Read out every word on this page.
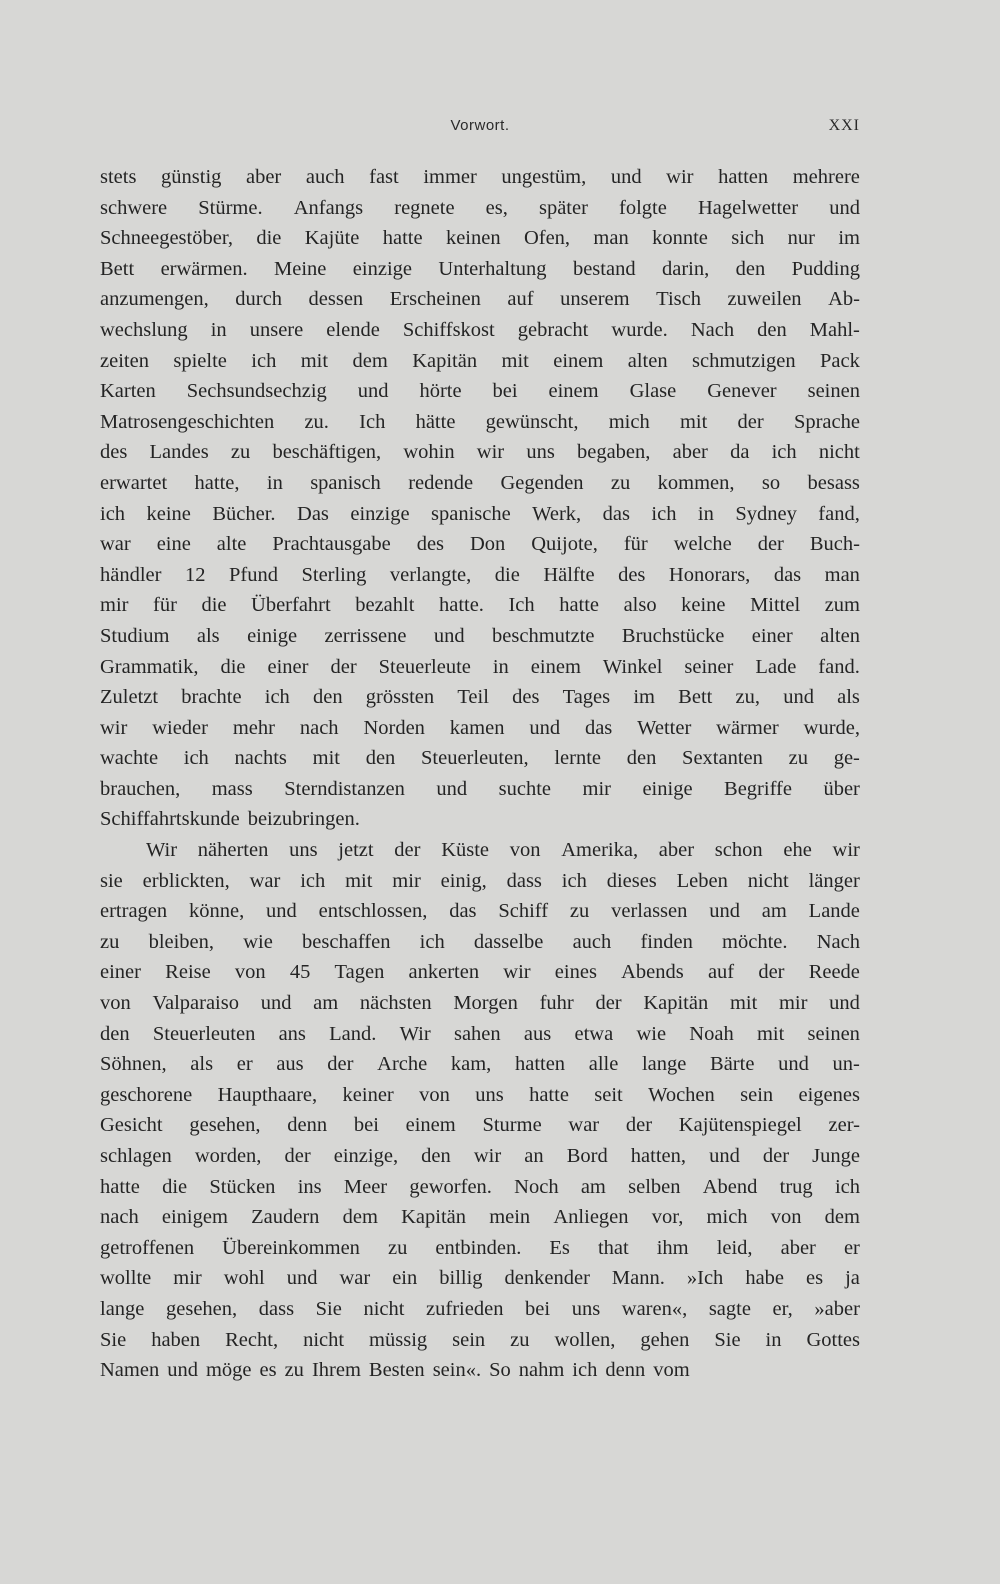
Vorwort.	XXI
stets günstig aber auch fast immer ungestüm, und wir hatten mehrere
schwere Stürme. Anfangs regnete es, später folgte Hagelwetter und
Schneegestöber, die Kajüte hatte keinen Ofen, man konnte sich nur im
Bett erwärmen. Meine einzige Unterhaltung bestand darin, den Pudding
anzumengen, durch dessen Erscheinen auf unserem Tisch zuweilen Ab-
wechslung in unsere elende Schiffskost gebracht wurde. Nach den Mahl-
zeiten spielte ich mit dem Kapitän mit einem alten schmutzigen Pack
Karten Sechsundsechzig und hörte bei einem Glase Genever seinen
Matrosengeschichten zu. Ich hätte gewünscht, mich mit der Sprache
des Landes zu beschäftigen, wohin wir uns begaben, aber da ich nicht
erwartet hatte, in spanisch redende Gegenden zu kommen, so besass
ich keine Bücher. Das einzige spanische Werk, das ich in Sydney fand,
war eine alte Prachtausgabe des Don Quijote, für welche der Buch-
händler 12 Pfund Sterling verlangte, die Hälfte des Honorars, das man
mir für die Überfahrt bezahlt hatte. Ich hatte also keine Mittel zum
Studium als einige zerrissene und beschmutzte Bruchstücke einer alten
Grammatik, die einer der Steuerleute in einem Winkel seiner Lade fand.
Zuletzt brachte ich den grössten Teil des Tages im Bett zu, und als
wir wieder mehr nach Norden kamen und das Wetter wärmer wurde,
wachte ich nachts mit den Steuerleuten, lernte den Sextanten zu ge-
brauchen, mass Sterndistanzen und suchte mir einige Begriffe über
Schiffahrtskunde beizubringen.
Wir näherten uns jetzt der Küste von Amerika, aber schon ehe wir
sie erblickten, war ich mit mir einig, dass ich dieses Leben nicht länger
ertragen könne, und entschlossen, das Schiff zu verlassen und am Lande
zu bleiben, wie beschaffen ich dasselbe auch finden möchte. Nach
einer Reise von 45 Tagen ankerten wir eines Abends auf der Reede
von Valparaiso und am nächsten Morgen fuhr der Kapitän mit mir und
den Steuerleuten ans Land. Wir sahen aus etwa wie Noah mit seinen
Söhnen, als er aus der Arche kam, hatten alle lange Bärte und un-
geschorene Haupthaare, keiner von uns hatte seit Wochen sein eigenes
Gesicht gesehen, denn bei einem Sturme war der Kajütenspiegel zer-
schlagen worden, der einzige, den wir an Bord hatten, und der Junge
hatte die Stücken ins Meer geworfen. Noch am selben Abend trug ich
nach einigem Zaudern dem Kapitän mein Anliegen vor, mich von dem
getroffenen Übereinkommen zu entbinden. Es that ihm leid, aber er
wollte mir wohl und war ein billig denkender Mann. »Ich habe es ja
lange gesehen, dass Sie nicht zufrieden bei uns waren«, sagte er, »aber
Sie haben Recht, nicht müssig sein zu wollen, gehen Sie in Gottes
Namen und möge es zu Ihrem Besten sein«. So nahm ich denn vom
